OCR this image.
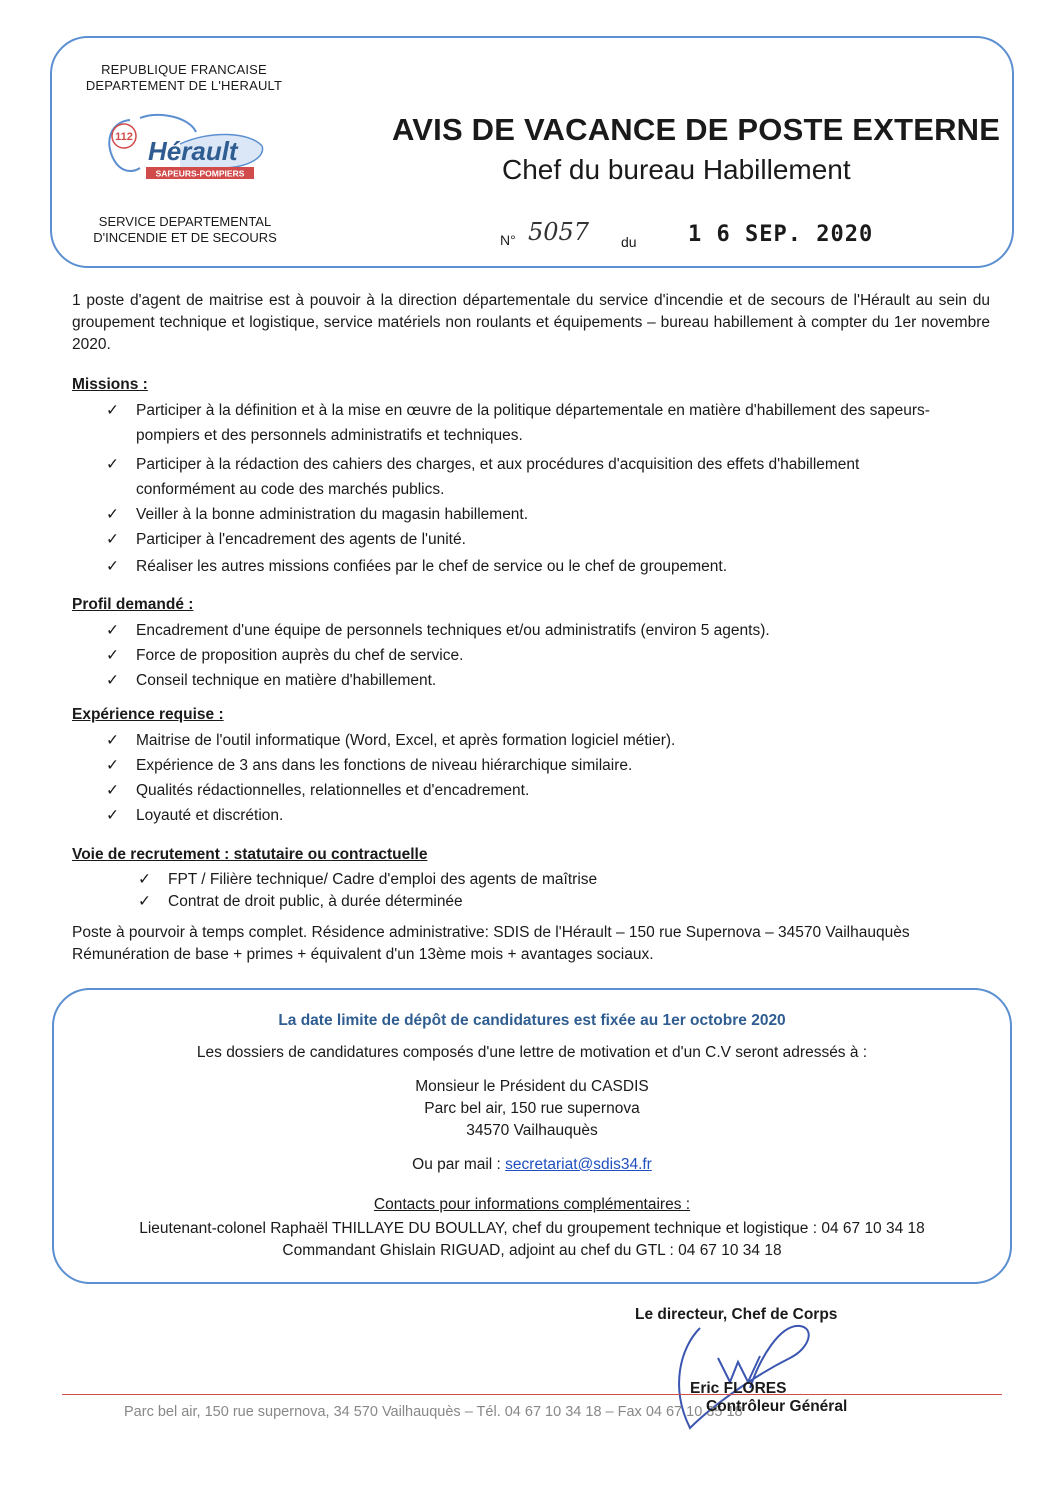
REPUBLIQUE FRANCAISE
DEPARTEMENT DE L'HERAULT
112 Hérault
SAPEURS-POMPIERS
SERVICE DEPARTEMENTAL
D'INCENDIE ET DE SECOURS
AVIS DE VACANCE DE POSTE EXTERNE
Chef du bureau Habillement
N° 5057 du 1 6 SEP. 2020
1 poste d'agent de maitrise est à pouvoir à la direction départementale du service d'incendie et de secours de l'Hérault au sein du groupement technique et logistique, service matériels non roulants et équipements – bureau habillement à compter du 1er novembre 2020.
Missions :
✓ Participer à la définition et à la mise en œuvre de la politique départementale en matière d'habillement des sapeurs-
pompiers et des personnels administratifs et techniques.
✓ Participer à la rédaction des cahiers des charges, et aux procédures d'acquisition des effets d'habillement
conformément au code des marchés publics.
✓ Veiller à la bonne administration du magasin habillement.
✓ Participer à l'encadrement des agents de l'unité.
✓ Réaliser les autres missions confiées par le chef de service ou le chef de groupement.
Profil demandé :
✓ Encadrement d'une équipe de personnels techniques et/ou administratifs (environ 5 agents).
✓ Force de proposition auprès du chef de service.
✓ Conseil technique en matière d'habillement.
Expérience requise :
✓ Maitrise de l'outil informatique (Word, Excel, et après formation logiciel métier).
✓ Expérience de 3 ans dans les fonctions de niveau hiérarchique similaire.
✓ Qualités rédactionnelles, relationnelles et d'encadrement.
✓ Loyauté et discrétion.
Voie de recrutement : statutaire ou contractuelle
✓ FPT / Filière technique/ Cadre d'emploi des agents de maîtrise
✓ Contrat de droit public, à durée déterminée
Poste à pourvoir à temps complet. Résidence administrative: SDIS de l'Hérault – 150 rue Supernova – 34570 Vailhauquès
Rémunération de base + primes + équivalent d'un 13ème mois + avantages sociaux.
La date limite de dépôt de candidatures est fixée au 1er octobre 2020
Les dossiers de candidatures composés d'une lettre de motivation et d'un C.V seront adressés à :
Monsieur le Président du CASDIS
Parc bel air, 150 rue supernova
34570 Vailhauquès
Ou par mail : secretariat@sdis34.fr
Contacts pour informations complémentaires :
Lieutenant-colonel Raphaël THILLAYE DU BOULLAY, chef du groupement technique et logistique : 04 67 10 34 18
Commandant Ghislain RIGUAD, adjoint au chef du GTL : 04 67 10 34 18
Le directeur, Chef de Corps
Eric FLORES
Parc bel air, 150 rue supernova, 34 570 Vailhauquès – Tél. 04 67 10 34 18 – Fax 04 67 10 35 18
Contrôleur Général
